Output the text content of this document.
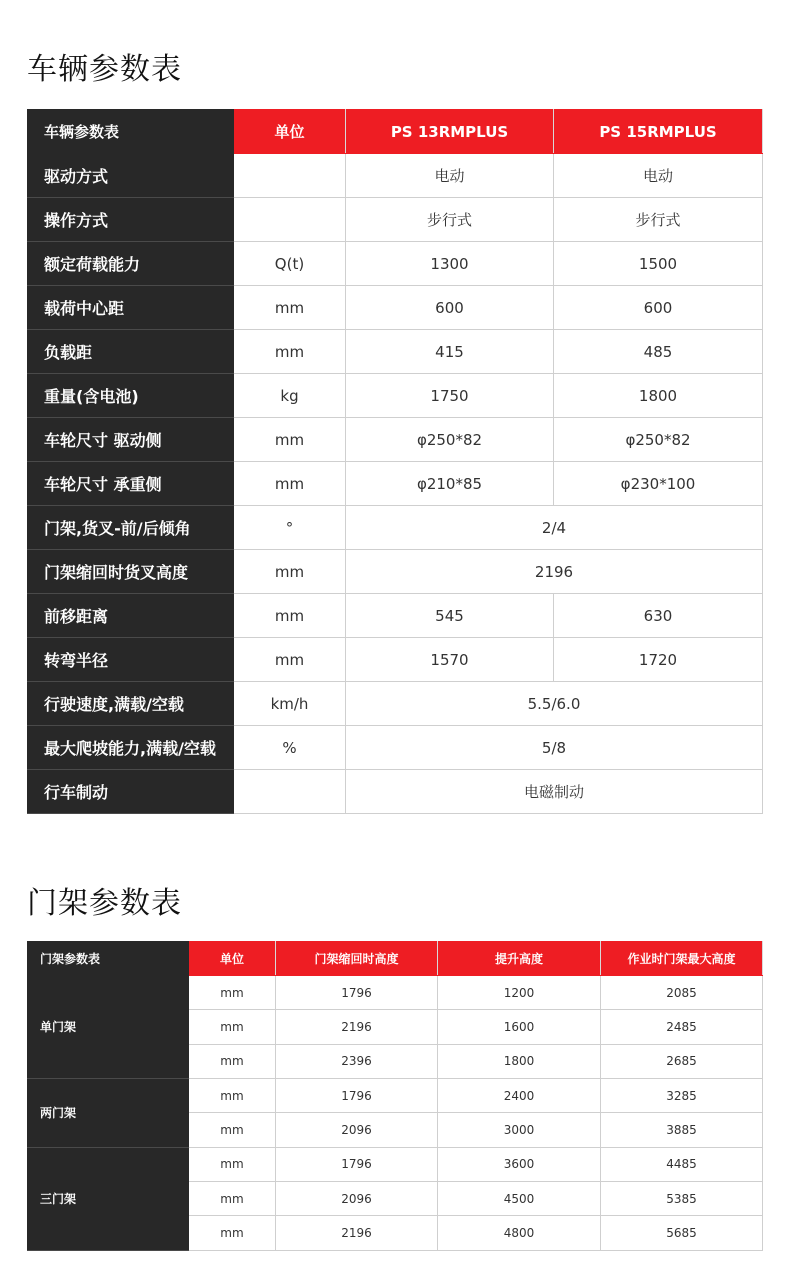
车辆参数表
车辆参数表	单位	PS 13RMPLUS	PS 15RMPLUS
驱动方式		电动	电动
操作方式		步行式	步行式
额定荷载能力	Q(t)	1300	1500
载荷中心距	mm	600	600
负载距	mm	415	485
重量(含电池)	kg	1750	1800
车轮尺寸 驱动侧	mm	φ250*82	φ250*82
车轮尺寸 承重侧	mm	φ210*85	φ230*100
门架,货叉-前/后倾角	°	2/4	
门架缩回时货叉高度	mm	2196	
前移距离	mm	545	630
转弯半径	mm	1570	1720
行驶速度,满载/空载	km/h	5.5/6.0	
最大爬坡能力,满载/空载	%	5/8	
行车制动		电磁制动	
门架参数表
门架参数表	单位	门架缩回时高度	提升高度	作业时门架最大高度
单门架	mm	1796	1200	2085
	mm	2196	1600	2485
	mm	2396	1800	2685
两门架	mm	1796	2400	3285
	mm	2096	3000	3885
三门架	mm	1796	3600	4485
	mm	2096	4500	5385
	mm	2196	4800	5685
